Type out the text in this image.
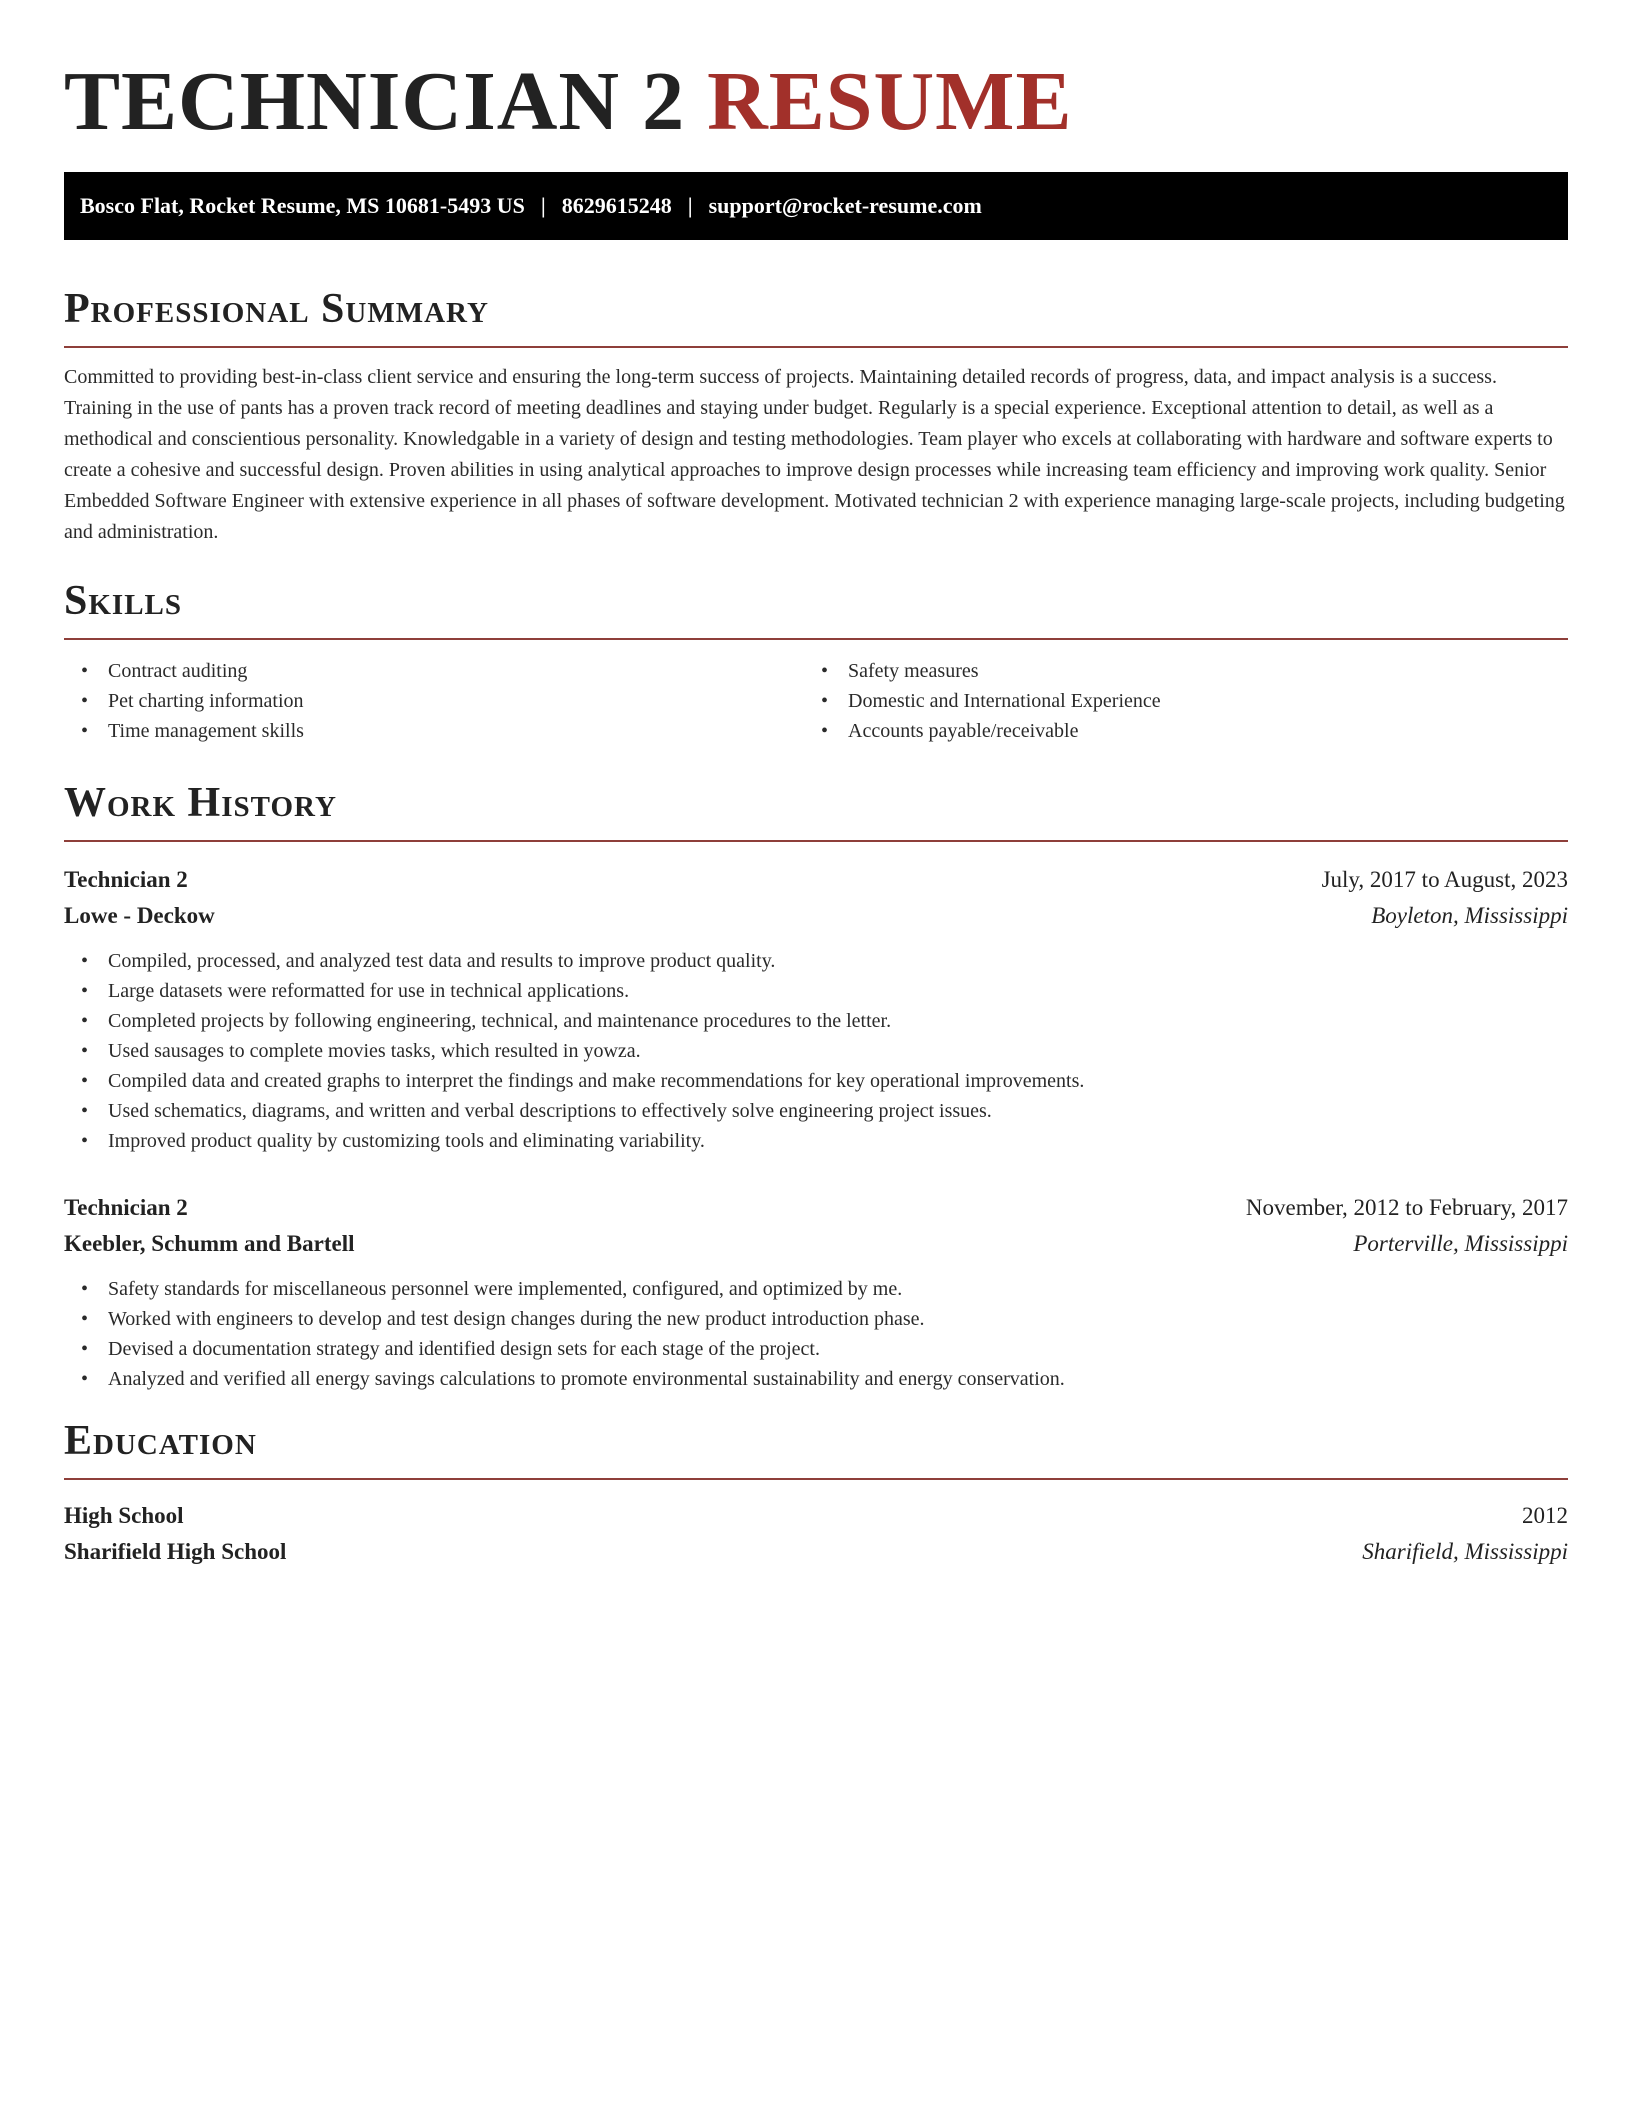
TECHNICIAN 2 RESUME
Bosco Flat, Rocket Resume, MS 10681-5493 US | 8629615248 | support@rocket-resume.com
Professional Summary

Committed to providing best-in-class client service and ensuring the long-term success of projects. Maintaining detailed records of progress, data, and impact analysis is a success. Training in the use of pants has a proven track record of meeting deadlines and staying under budget. Regularly is a special experience. Exceptional attention to detail, as well as a methodical and conscientious personality. Knowledgable in a variety of design and testing methodologies. Team player who excels at collaborating with hardware and software experts to create a cohesive and successful design. Proven abilities in using analytical approaches to improve design processes while increasing team efficiency and improving work quality. Senior Embedded Software Engineer with extensive experience in all phases of software development. Motivated technician 2 with experience managing large-scale projects, including budgeting and administration.

Skills
• Contract auditing
• Pet charting information
• Time management skills
• Safety measures
• Domestic and International Experience
• Accounts payable/receivable
Work History
Technician 2	July, 2017 to August, 2023
Lowe - Deckow	Boyleton, Mississippi
• Compiled, processed, and analyzed test data and results to improve product quality.
• Large datasets were reformatted for use in technical applications.
• Completed projects by following engineering, technical, and maintenance procedures to the letter.
• Used sausages to complete movies tasks, which resulted in yowza.
• Compiled data and created graphs to interpret the findings and make recommendations for key operational improvements.
• Used schematics, diagrams, and written and verbal descriptions to effectively solve engineering project issues.
• Improved product quality by customizing tools and eliminating variability.
Technician 2	November, 2012 to February, 2017
Keebler, Schumm and Bartell	Porterville, Mississippi
• Safety standards for miscellaneous personnel were implemented, configured, and optimized by me.
• Worked with engineers to develop and test design changes during the new product introduction phase.
• Devised a documentation strategy and identified design sets for each stage of the project.
• Analyzed and verified all energy savings calculations to promote environmental sustainability and energy conservation.
Education
High School	2012
Sharifield High School	Sharifield, Mississippi
